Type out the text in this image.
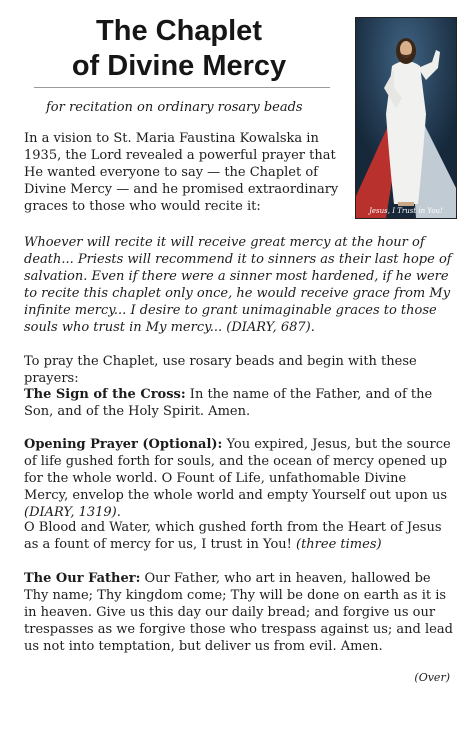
The Chaplet
of Divine Mercy

for recitation on ordinary rosary beads

Jesus, I Trust in You!

In a vision to St. Maria Faustina Kowalska in 1935, the Lord revealed a powerful prayer that He wanted everyone to say — the Chaplet of Divine Mercy — and he promised extraordinary graces to those who would recite it:

Whoever will recite it will receive great mercy at the hour of death... Priests will recommend it to sinners as their last hope of salvation. Even if there were a sinner most hardened, if he were to recite this chaplet only once, he would receive grace from My infinite mercy... I desire to grant unimaginable graces to those souls who trust in My mercy... (DIARY, 687).

To pray the Chaplet, use rosary beads and begin with these prayers:

The Sign of the Cross: In the name of the Father, and of the Son, and of the Holy Spirit. Amen.

Opening Prayer (Optional): You expired, Jesus, but the source of life gushed forth for souls, and the ocean of mercy opened up for the whole world. O Fount of Life, unfathomable Divine Mercy, envelop the whole world and empty Yourself out upon us (DIARY, 1319).

O Blood and Water, which gushed forth from the Heart of Jesus as a fount of mercy for us, I trust in You! (three times)

The Our Father: Our Father, who art in heaven, hallowed be Thy name; Thy kingdom come; Thy will be done on earth as it is in heaven. Give us this day our daily bread; and forgive us our trespasses as we forgive those who trespass against us; and lead us not into temptation, but deliver us from evil. Amen.

(Over)
